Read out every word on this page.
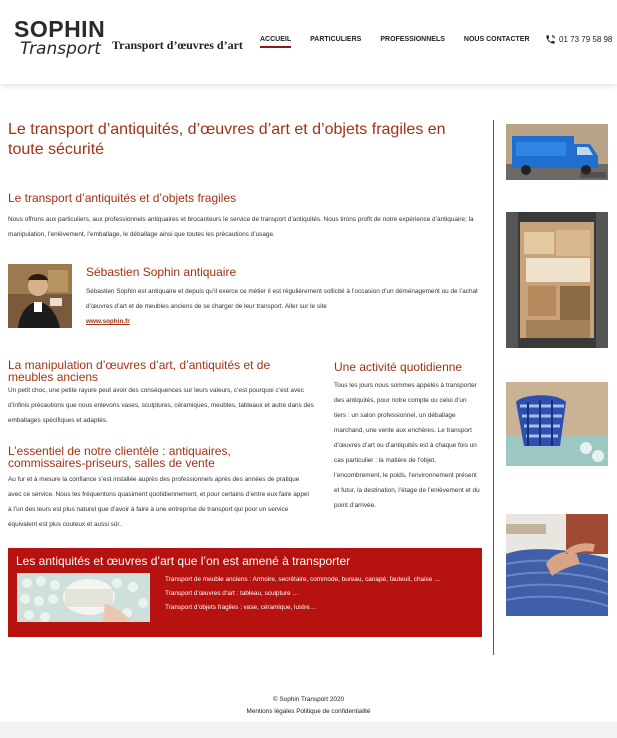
SOPHIN
Transport Transport d’œuvres d’art ACCUEIL	PARTICULIERS	PROFESSIONNELS	NOUS CONTACTER	01 73 79 58 98
Le transport d’antiquités, d’œuvres d’art et d’objets fragiles en toute sécurité
Le transport d’antiquités et d’objets fragiles
Nous offrons aux particuliers, aux professionnels antiquaires et brocanteurs le service de transport d’antiquités. Nous tirons profit de notre expérience d’antiquaire; la manipulation, l’enlèvement, l’emballage, le déballage ainsi que toutes les précautions d’usage.
Sébastien Sophin antiquaire
Sébastien Sophin est antiquaire et depuis qu’il exerce ce métier il est régulièrement sollicité à l’occasion d’un déménagement ou de l’achat d’œuvres d’art et de meubles anciens de se charger de leur transport. Aller sur le site
www.sophin.fr
La manipulation d’œuvres d’art, d’antiquités et de meubles anciens
Un petit choc, une petite rayure peut avoir des conséquences sur leurs valeurs, c’est pourquoi c’est avec d’infinis précautions que nous enlevons vases, sculptures, céramiques, meubles, tableaux et autre dans des emballages spécifiques et adaptés.
L’essentiel de notre clientèle : antiquaires, commissaires-priseurs, salles de vente
Au fur et à mesure la confiance s’est installée auprès des professionnels après des années de pratique avec ce service. Nous les fréquentons quasiment quotidiennement, et pour certains d’entre eux faire appel à l’un des leurs est plus naturel que d’avoir à faire à une entreprise de transport qui pour un service équivalent est plus couteux et aussi sûr.
Une activité quotidienne
Tous les jours nous sommes appelés à transporter des antiquités, pour notre compte ou celui d’un tiers : un salon professionnel, un déballage marchand, une vente aux enchères. Le transport d’œuvres d’art ou d’antiquités est à chaque fois un cas particulier : la matière de l’objet, l’encombrement, le poids, l’environnement présent et futur, la destination, l’étage de l’enlèvement et du point d’arrivée.
Les antiquités et œuvres d’art que l’on est amené à transporter
Transport de meuble anciens : Armoire, secrétaire, commode, bureau, canapé, fauteuil, chaise …
Transport d’œuvres d’art : tableau, sculpture …
Transport d’objets fragiles : vase, céramique, lustre…
© Sophin Transport 2020
Mentions légales Politique de confidentialité
